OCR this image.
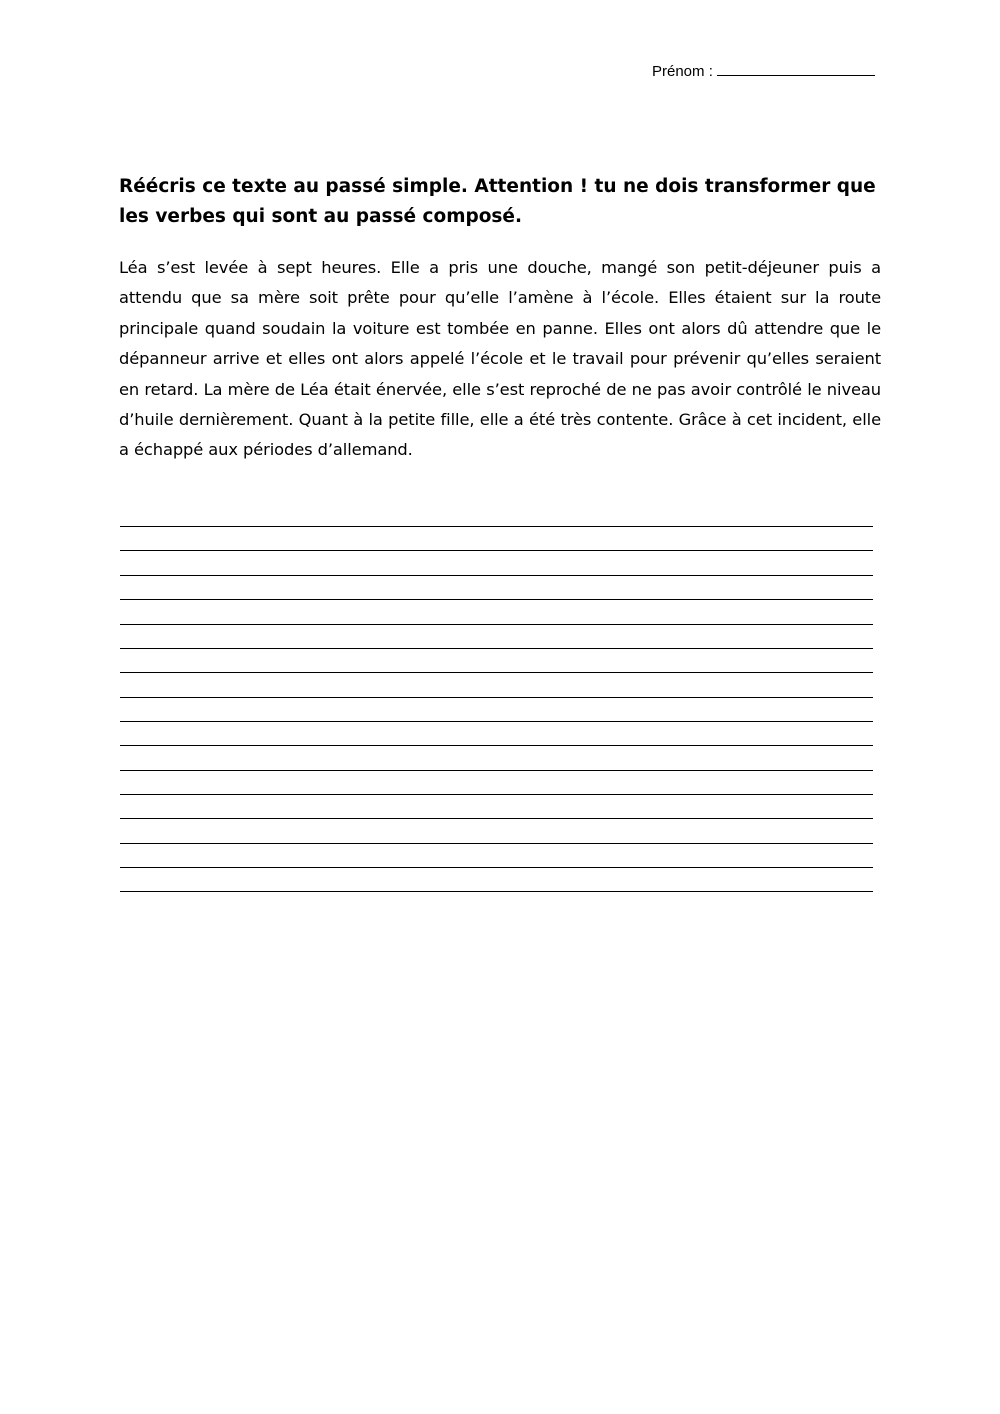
Prénom :

Réécris ce texte au passé simple. Attention ! tu ne dois transformer que les verbes qui sont au passé composé.

Léa s’est levée à sept heures. Elle a pris une douche, mangé son petit-déjeuner puis a attendu que sa mère soit prête pour qu’elle l’amène à l’école. Elles étaient sur la route principale quand soudain la voiture est tombée en panne. Elles ont alors dû attendre que le dépanneur arrive et elles ont alors appelé l’école et le travail pour prévenir qu’elles seraient en retard. La mère de Léa était énervée, elle s’est reproché de ne pas avoir contrôlé le niveau d’huile dernièrement. Quant à la petite fille, elle a été très contente. Grâce à cet incident, elle a échappé aux périodes d’allemand.
